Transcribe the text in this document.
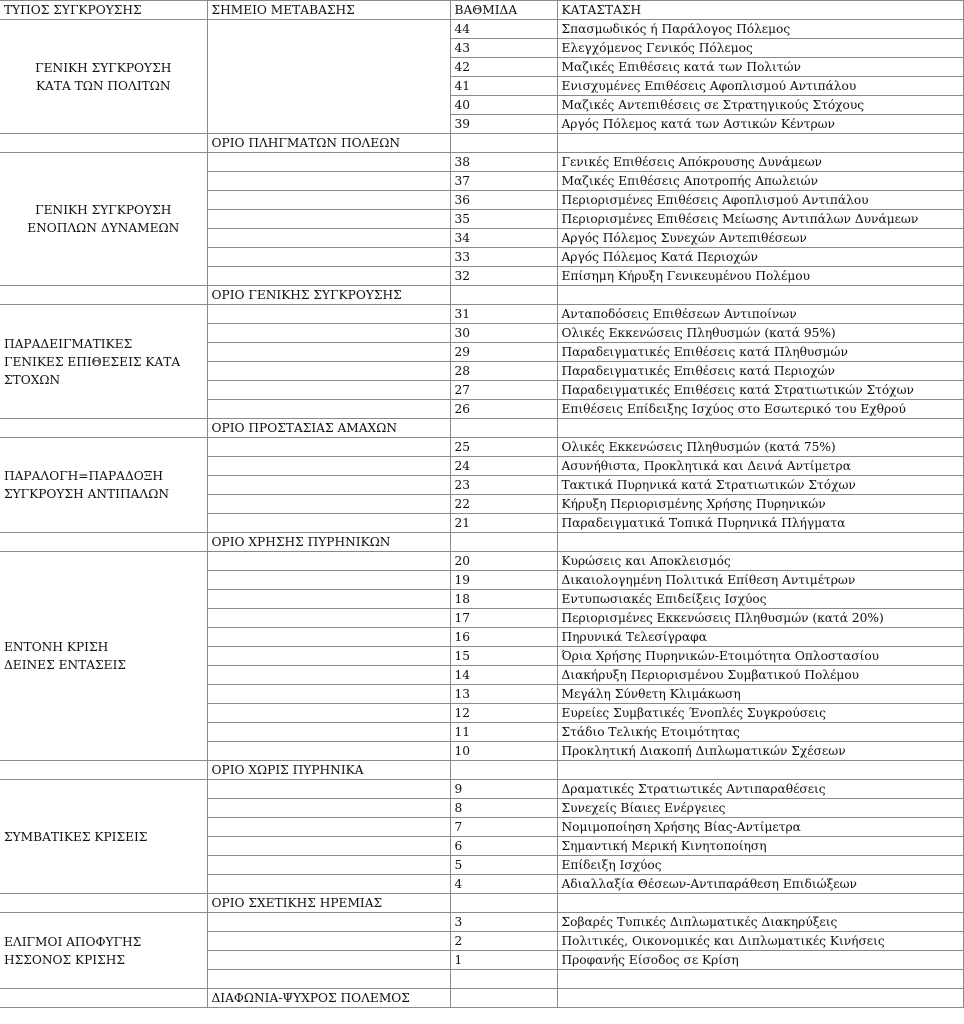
ΤΥΠΟΣ ΣΥΓΚΡΟΥΣΗΣ	ΣΗΜΕΙΟ ΜΕΤΑΒΑΣΗΣ	ΒΑΘΜΙΔΑ	ΚΑΤΑΣΤΑΣΗ

ΓΕΝΙΚΗ ΣΥΓΚΡΟΥΣΗ
ΚΑΤΑ ΤΩΝ ΠΟΛΙΤΩΝ		44	Σπασμωδικός ή Παράλογος Πόλεμος
		43	Ελεγχόμενος Γενικός Πόλεμος
		42	Μαζικές Επιθέσεις κατά των Πολιτών
		41	Ενισχυμένες Επιθέσεις Αφοπλισμού Αντιπάλου
		40	Μαζικές Αντεπιθέσεις σε Στρατηγικούς Στόχους
		39	Αργός Πόλεμος κατά των Αστικών Κέντρων
	ΟΡΙΟ ΠΛΗΓΜΑΤΩΝ ΠΟΛΕΩΝ		

ΓΕΝΙΚΗ ΣΥΓΚΡΟΥΣΗ
ΕΝΟΠΛΩΝ ΔΥΝΑΜΕΩΝ		38	Γενικές Επιθέσεις Απόκρουσης Δυνάμεων
		37	Μαζικές Επιθέσεις Αποτροπής Απωλειών
		36	Περιορισμένες Επιθέσεις Αφοπλισμού Αντιπάλου
		35	Περιορισμένες Επιθέσεις Μείωσης Αντιπάλων Δυνάμεων
		34	Αργός Πόλεμος Συνεχών Αντεπιθέσεων
		33	Αργός Πόλεμος Κατά Περιοχών
		32	Επίσημη Κήρυξη Γενικευμένου Πολέμου
	ΟΡΙΟ ΓΕΝΙΚΗΣ ΣΥΓΚΡΟΥΣΗΣ		

ΠΑΡΑΔΕΙΓΜΑΤΙΚΕΣ
ΓΕΝΙΚΕΣ ΕΠΙΘΕΣΕΙΣ ΚΑΤΑ
ΣΤΟΧΩΝ		31	Ανταποδόσεις Επιθέσεων Αντιποίνων
		30	Ολικές Εκκενώσεις Πληθυσμών (κατά 95%)
		29	Παραδειγματικές Επιθέσεις κατά Πληθυσμών
		28	Παραδειγματικές Επιθέσεις κατά Περιοχών
		27	Παραδειγματικές Επιθέσεις κατά Στρατιωτικών Στόχων
		26	Επιθέσεις Επίδειξης Ισχύος στο Εσωτερικό του Εχθρού
	ΟΡΙΟ ΠΡΟΣΤΑΣΙΑΣ ΑΜΑΧΩΝ		

ΠΑΡΑΛΟΓΗ=ΠΑΡΑΔΟΞΗ
ΣΥΓΚΡΟΥΣΗ ΑΝΤΙΠΑΛΩΝ		25	Ολικές Εκκενώσεις Πληθυσμών (κατά 75%)
		24	Ασυνήθιστα, Προκλητικά και Δεινά Αντίμετρα
		23	Τακτικά Πυρηνικά κατά Στρατιωτικών Στόχων
		22	Κήρυξη Περιορισμένης Χρήσης Πυρηνικών
		21	Παραδειγματικά Τοπικά Πυρηνικά Πλήγματα
	ΟΡΙΟ ΧΡΗΣΗΣ ΠΥΡΗΝΙΚΩΝ		

ΕΝΤΟΝΗ ΚΡΙΣΗ
ΔΕΙΝΕΣ ΕΝΤΑΣΕΙΣ		20	Κυρώσεις και Αποκλεισμός
		19	Δικαιολογημένη Πολιτικά Επίθεση Αντιμέτρων
		18	Εντυπωσιακές Επιδείξεις Ισχύος
		17	Περιορισμένες Εκκενώσεις Πληθυσμών (κατά 20%)
		16	Πηρυνικά Τελεσίγραφα
		15	Όρια Χρήσης Πυρηνικών-Ετοιμότητα Οπλοστασίου
		14	Διακήρυξη Περιορισμένου Συμβατικού Πολέμου
		13	Μεγάλη Σύνθετη Κλιμάκωση
		12	Ευρείες Συμβατικές Ένοπλές Συγκρούσεις
		11	Στάδιο Τελικής Ετοιμότητας
		10	Προκλητική Διακοπή Διπλωματικών Σχέσεων
	ΟΡΙΟ ΧΩΡΙΣ ΠΥΡΗΝΙΚΑ		

ΣΥΜΒΑΤΙΚΕΣ ΚΡΙΣΕΙΣ		9	Δραματικές Στρατιωτικές Αντιπαραθέσεις
		8	Συνεχείς Βίαιες Ενέργειες
		7	Νομιμοποίηση Χρήσης Βίας-Αντίμετρα
		6	Σημαντική Μερική Κινητοποίηση
		5	Επίδειξη Ισχύος
		4	Αδιαλλαξία Θέσεων-Αντιπαράθεση Επιδιώξεων
	ΟΡΙΟ ΣΧΕΤΙΚΗΣ ΗΡΕΜΙΑΣ		

ΕΛΙΓΜΟΙ ΑΠΟΦΥΓΗΣ
ΗΣΣΟΝΟΣ ΚΡΙΣΗΣ		3	Σοβαρές Τυπικές Διπλωματικές Διακηρύξεις
		2	Πολιτικές, Οικονομικές και Διπλωματικές Κινήσεις
		1	Προφανής Είσοδος σε Κρίση

	ΔΙΑΦΩΝΙΑ-ΨΥΧΡΟΣ ΠΟΛΕΜΟΣ		
